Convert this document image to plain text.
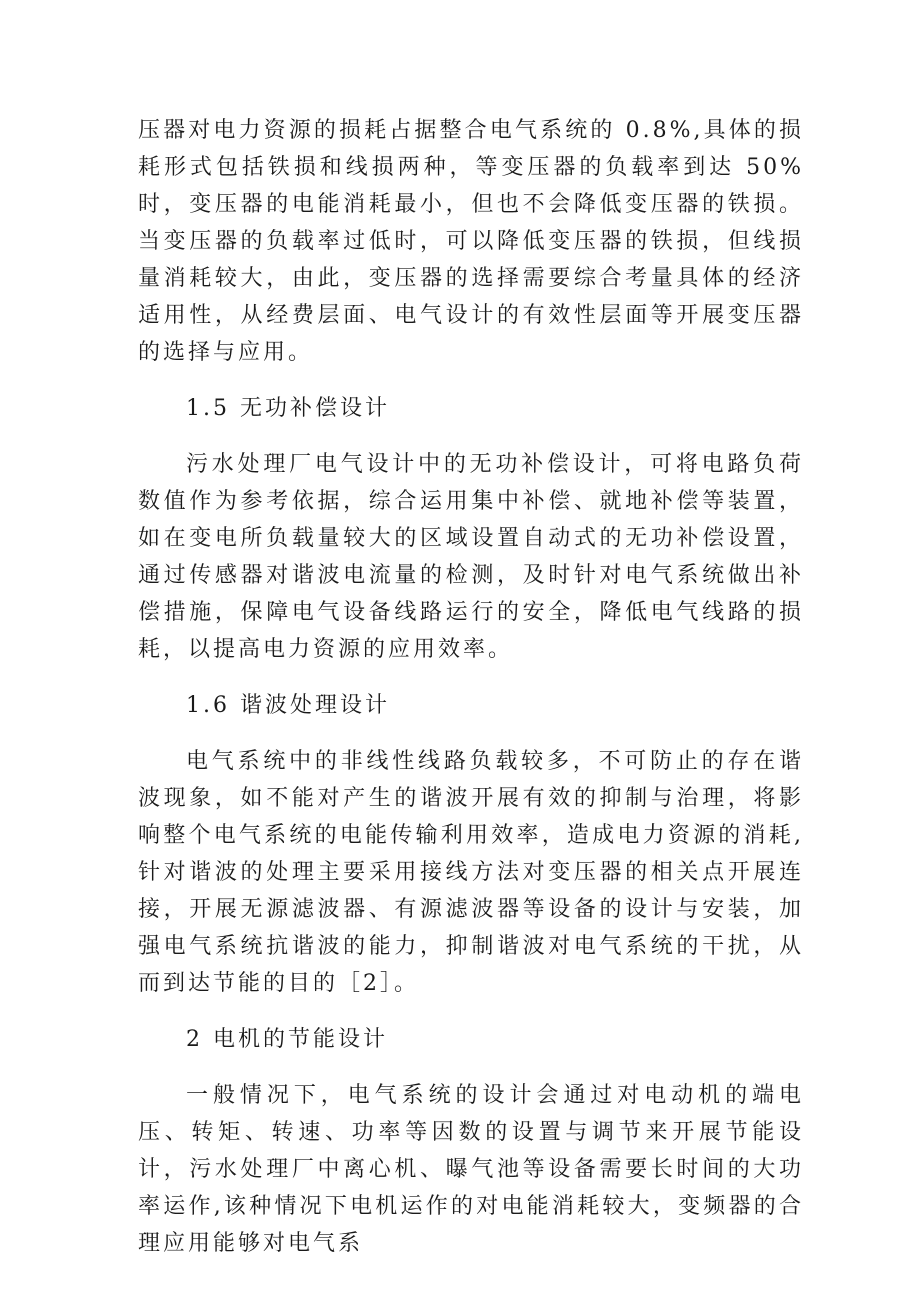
压器对电力资源的损耗占据整合电气系统的 0.8%,具体的损耗形式包括铁损和线损两种，等变压器的负载率到达 50%时，变压器的电能消耗最小，但也不会降低变压器的铁损。当变压器的负载率过低时，可以降低变压器的铁损，但线损量消耗较大，由此，变压器的选择需要综合考量具体的经济适用性，从经费层面、电气设计的有效性层面等开展变压器的选择与应用。

1.5 无功补偿设计

污水处理厂电气设计中的无功补偿设计，可将电路负荷数值作为参考依据，综合运用集中补偿、就地补偿等装置，如在变电所负载量较大的区域设置自动式的无功补偿设置，通过传感器对谐波电流量的检测，及时针对电气系统做出补偿措施，保障电气设备线路运行的安全，降低电气线路的损耗，以提高电力资源的应用效率。

1.6 谐波处理设计

电气系统中的非线性线路负载较多，不可防止的存在谐波现象，如不能对产生的谐波开展有效的抑制与治理，将影响整个电气系统的电能传输利用效率，造成电力资源的消耗,针对谐波的处理主要采用接线方法对变压器的相关点开展连接，开展无源滤波器、有源滤波器等设备的设计与安装，加强电气系统抗谐波的能力，抑制谐波对电气系统的干扰，从而到达节能的目的［2］。

2 电机的节能设计

一般情况下，电气系统的设计会通过对电动机的端电压、转矩、转速、功率等因数的设置与调节来开展节能设计，污水处理厂中离心机、曝气池等设备需要长时间的大功率运作,该种情况下电机运作的对电能消耗较大，变频器的合理应用能够对电气系
